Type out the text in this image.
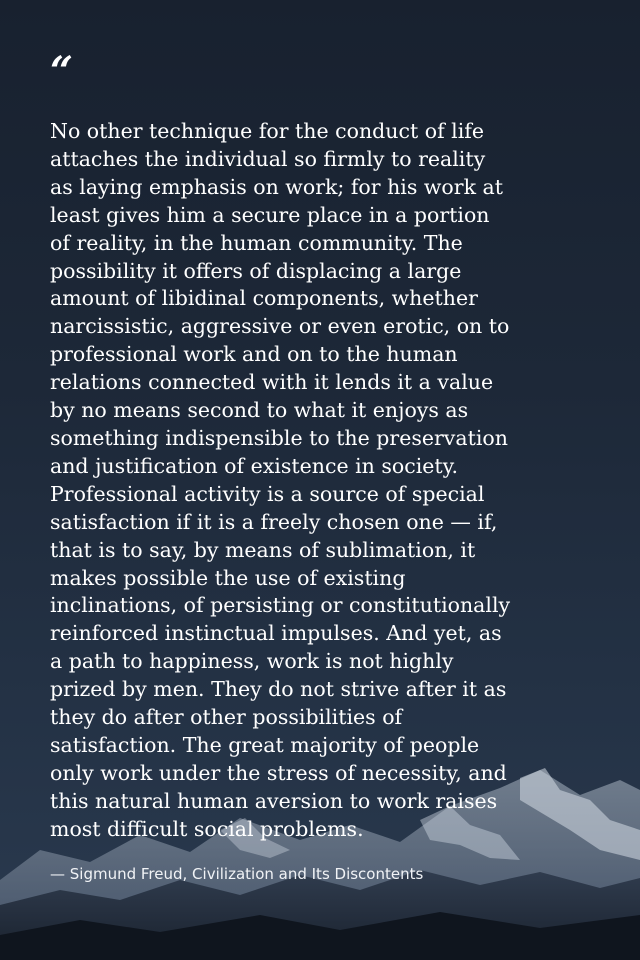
“
No other technique for the conduct of life
attaches the individual so firmly to reality
as laying emphasis on work; for his work at
least gives him a secure place in a portion
of reality, in the human community. The
possibility it offers of displacing a large
amount of libidinal components, whether
narcissistic, aggressive or even erotic, on to
professional work and on to the human
relations connected with it lends it a value
by no means second to what it enjoys as
something indispensible to the preservation
and justification of existence in society.
Professional activity is a source of special
satisfaction if it is a freely chosen one — if,
that is to say, by means of sublimation, it
makes possible the use of existing
inclinations, of persisting or constitutionally
reinforced instinctual impulses. And yet, as
a path to happiness, work is not highly
prized by men. They do not strive after it as
they do after other possibilities of
satisfaction. The great majority of people
only work under the stress of necessity, and
this natural human aversion to work raises
most difficult social problems.
— Sigmund Freud, Civilization and Its Discontents
